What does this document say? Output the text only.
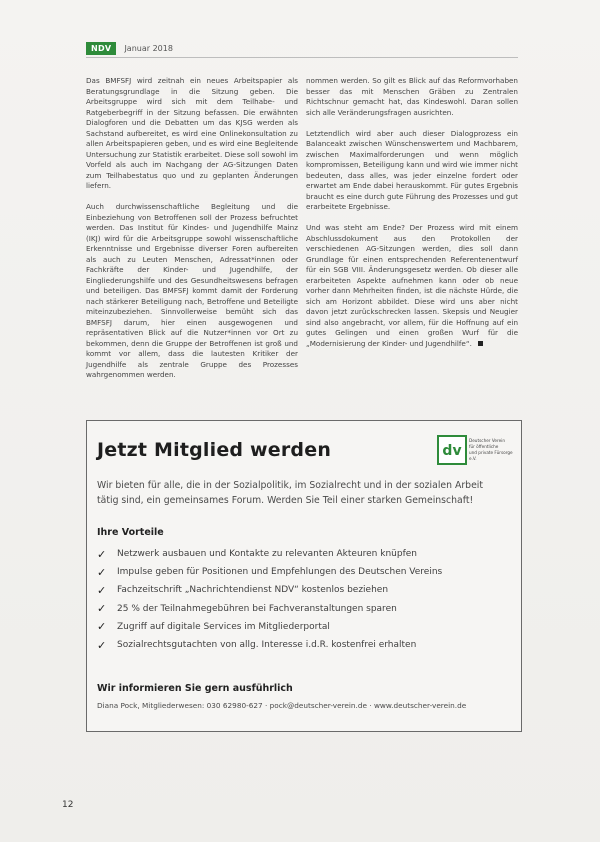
NDV	Januar 2018

Das BMFSFJ wird zeitnah ein neues Arbeitspapier als Beratungsgrundlage in die Sitzung geben. Die Arbeitsgruppe wird sich mit dem Teilhabe- und Ratgeberbegriff in der Sitzung befassen. Die erwähnten Dialogforen und die Debatten um das KJSG werden als Sachstand aufbereitet, es wird eine Onlinekonsultation zu allen Arbeitspapieren geben, und es wird eine Begleitende Untersuchung zur Statistik erarbeitet. Diese soll sowohl im Vorfeld als auch im Nachgang der AG-Sitzungen Daten zum Teilhabestatus quo und zu geplanten Änderungen liefern.

Auch durchwissenschaftliche Begleitung und die Einbeziehung von Betroffenen soll der Prozess befruchtet werden. Das Institut für Kindes- und Jugendhilfe Mainz (IKJ) wird für die Arbeitsgruppe sowohl wissenschaftliche Erkenntnisse und Ergebnisse diverser Foren aufbereiten als auch zu Leuten Menschen, Adressat*innen oder Fachkräfte der Kinder- und Jugendhilfe, der Eingliederungshilfe und des Gesundheitswesens befragen und beteiligen. Das BMFSFJ kommt damit der Forderung nach stärkerer Beteiligung nach, Betroffene und Beteiligte miteinzubeziehen. Sinnvollerweise bemüht sich das BMFSFJ darum, hier einen ausgewogenen und repräsentativen Blick auf die Nutzer*innen vor Ort zu bekommen, denn die Gruppe der Betroffenen ist groß und kommt vor allem, dass die lautesten Kritiker der Jugendhilfe als zentrale Gruppe des Prozesses wahrgenommen werden.

nommen werden. So gilt es Blick auf das Reformvorhaben besser das mit Menschen Gräben zu Zentralen Richtschnur gemacht hat, das Kindeswohl. Daran sollen sich alle Veränderungsfragen ausrichten.

Letztendlich wird aber auch dieser Dialogprozess ein Balanceakt zwischen Wünschenswertem und Machbarem, zwischen Maximalforderungen und wenn möglich kompromissen, Beteiligung kann und wird wie immer nicht bedeuten, dass alles, was jeder einzelne fordert oder erwartet am Ende dabei herauskommt. Für gutes Ergebnis braucht es eine durch gute Führung des Prozesses und gut erarbeitete Ergebnisse.

Und was steht am Ende? Der Prozess wird mit einem Abschlussdokument aus den Protokollen der verschiedenen AG-Sitzungen werden, dies soll dann Grundlage für einen entsprechenden Referentenentwurf für ein SGB VIII. Änderungsgesetz werden. Ob dieser alle erarbeiteten Aspekte aufnehmen kann oder ob neue vorher dann Mehrheiten finden, ist die nächste Hürde, die sich am Horizont abbildet. Diese wird uns aber nicht davon jetzt zurückschrecken lassen. Skepsis und Neugier sind also angebracht, vor allem, für die Hoffnung auf ein gutes Gelingen und einen großen Wurf für die „Modernisierung der Kinder- und Jugendhilfe“.

Jetzt Mitglied werden	dv
Deutscher Verein
für öffentliche
und private Fürsorge e.V.
Wir bieten für alle, die in der Sozialpolitik, im Sozialrecht und in der sozialen Arbeit tätig sind, ein gemeinsames Forum. Werden Sie Teil einer starken Gemeinschaft!
Ihre Vorteile
✓	Netzwerk ausbauen und Kontakte zu relevanten Akteuren knüpfen
✓	Impulse geben für Positionen und Empfehlungen des Deutschen Vereins
✓	Fachzeitschrift „Nachrichtendienst NDV“ kostenlos beziehen
✓	25 % der Teilnahmegebühren bei Fachveranstaltungen sparen
✓	Zugriff auf digitale Services im Mitgliederportal
✓	Sozialrechtsgutachten von allg. Interesse i.d.R. kostenfrei erhalten
Wir informieren Sie gern ausführlich
Diana Pock, Mitgliederwesen: 030 62980-627 · pock@deutscher-verein.de · www.deutscher-verein.de
12
